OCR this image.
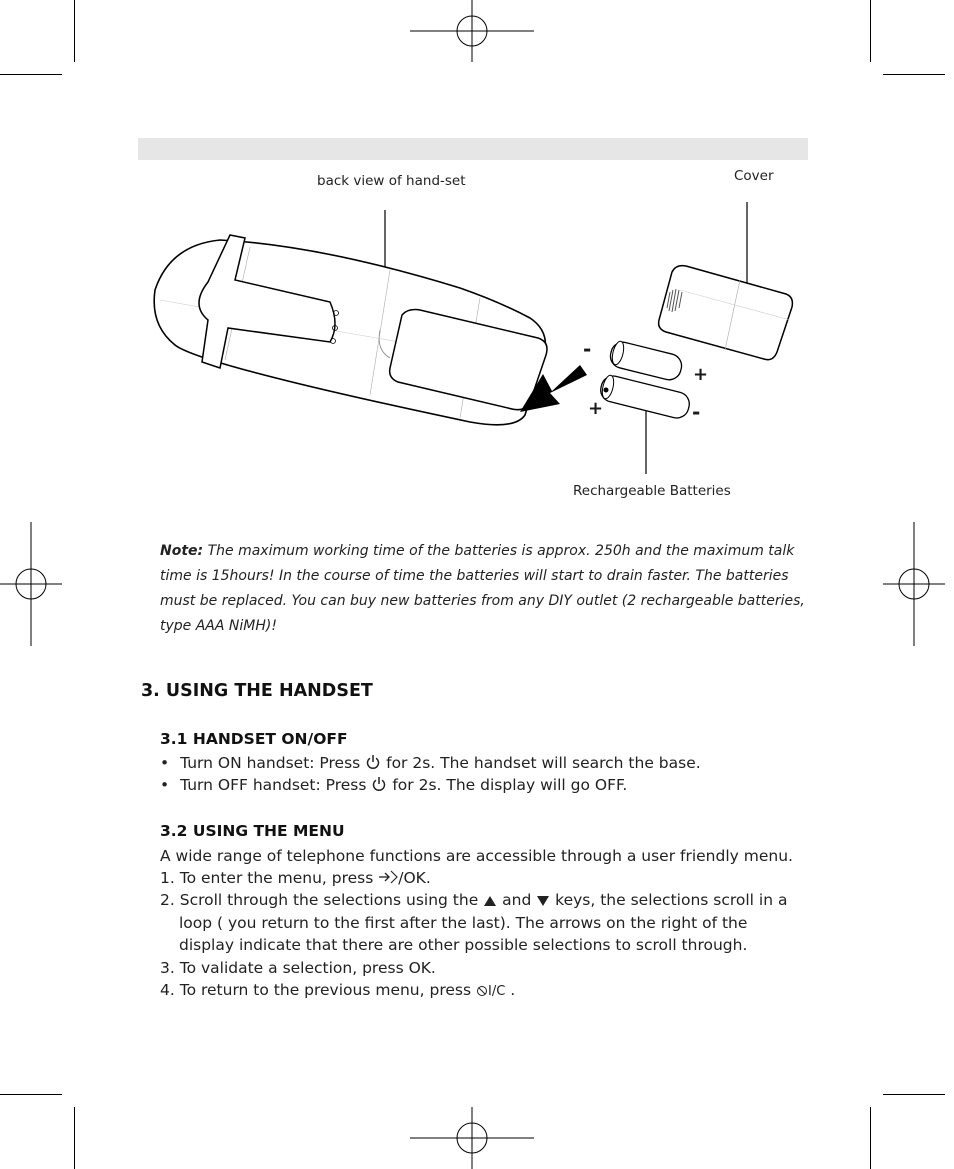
back view of hand-set	Cover
Rechargeable Batteries
-
+
+	-
Note: The maximum working time of the batteries is approx. 250h and the maximum talk time is 15hours! In the course of time the batteries will start to drain faster. The batteries must be replaced. You can buy new batteries from any DIY outlet (2 rechargeable batteries, type AAA NiMH)!
3. USING THE HANDSET
3.1 HANDSET ON/OFF
• Turn ON handset: Press for 2s. The handset will search the base.
• Turn OFF handset: Press for 2s. The display will go OFF.
3.2 USING THE MENU
A wide range of telephone functions are accessible through a user friendly menu.
1. To enter the menu, press /OK.
2. Scroll through the selections using the and keys, the selections scroll in a
loop ( you return to the first after the last). The arrows on the right of the
display indicate that there are other possible selections to scroll through.
3. To validate a selection, press OK.
4. To return to the previous menu, press I/C .
